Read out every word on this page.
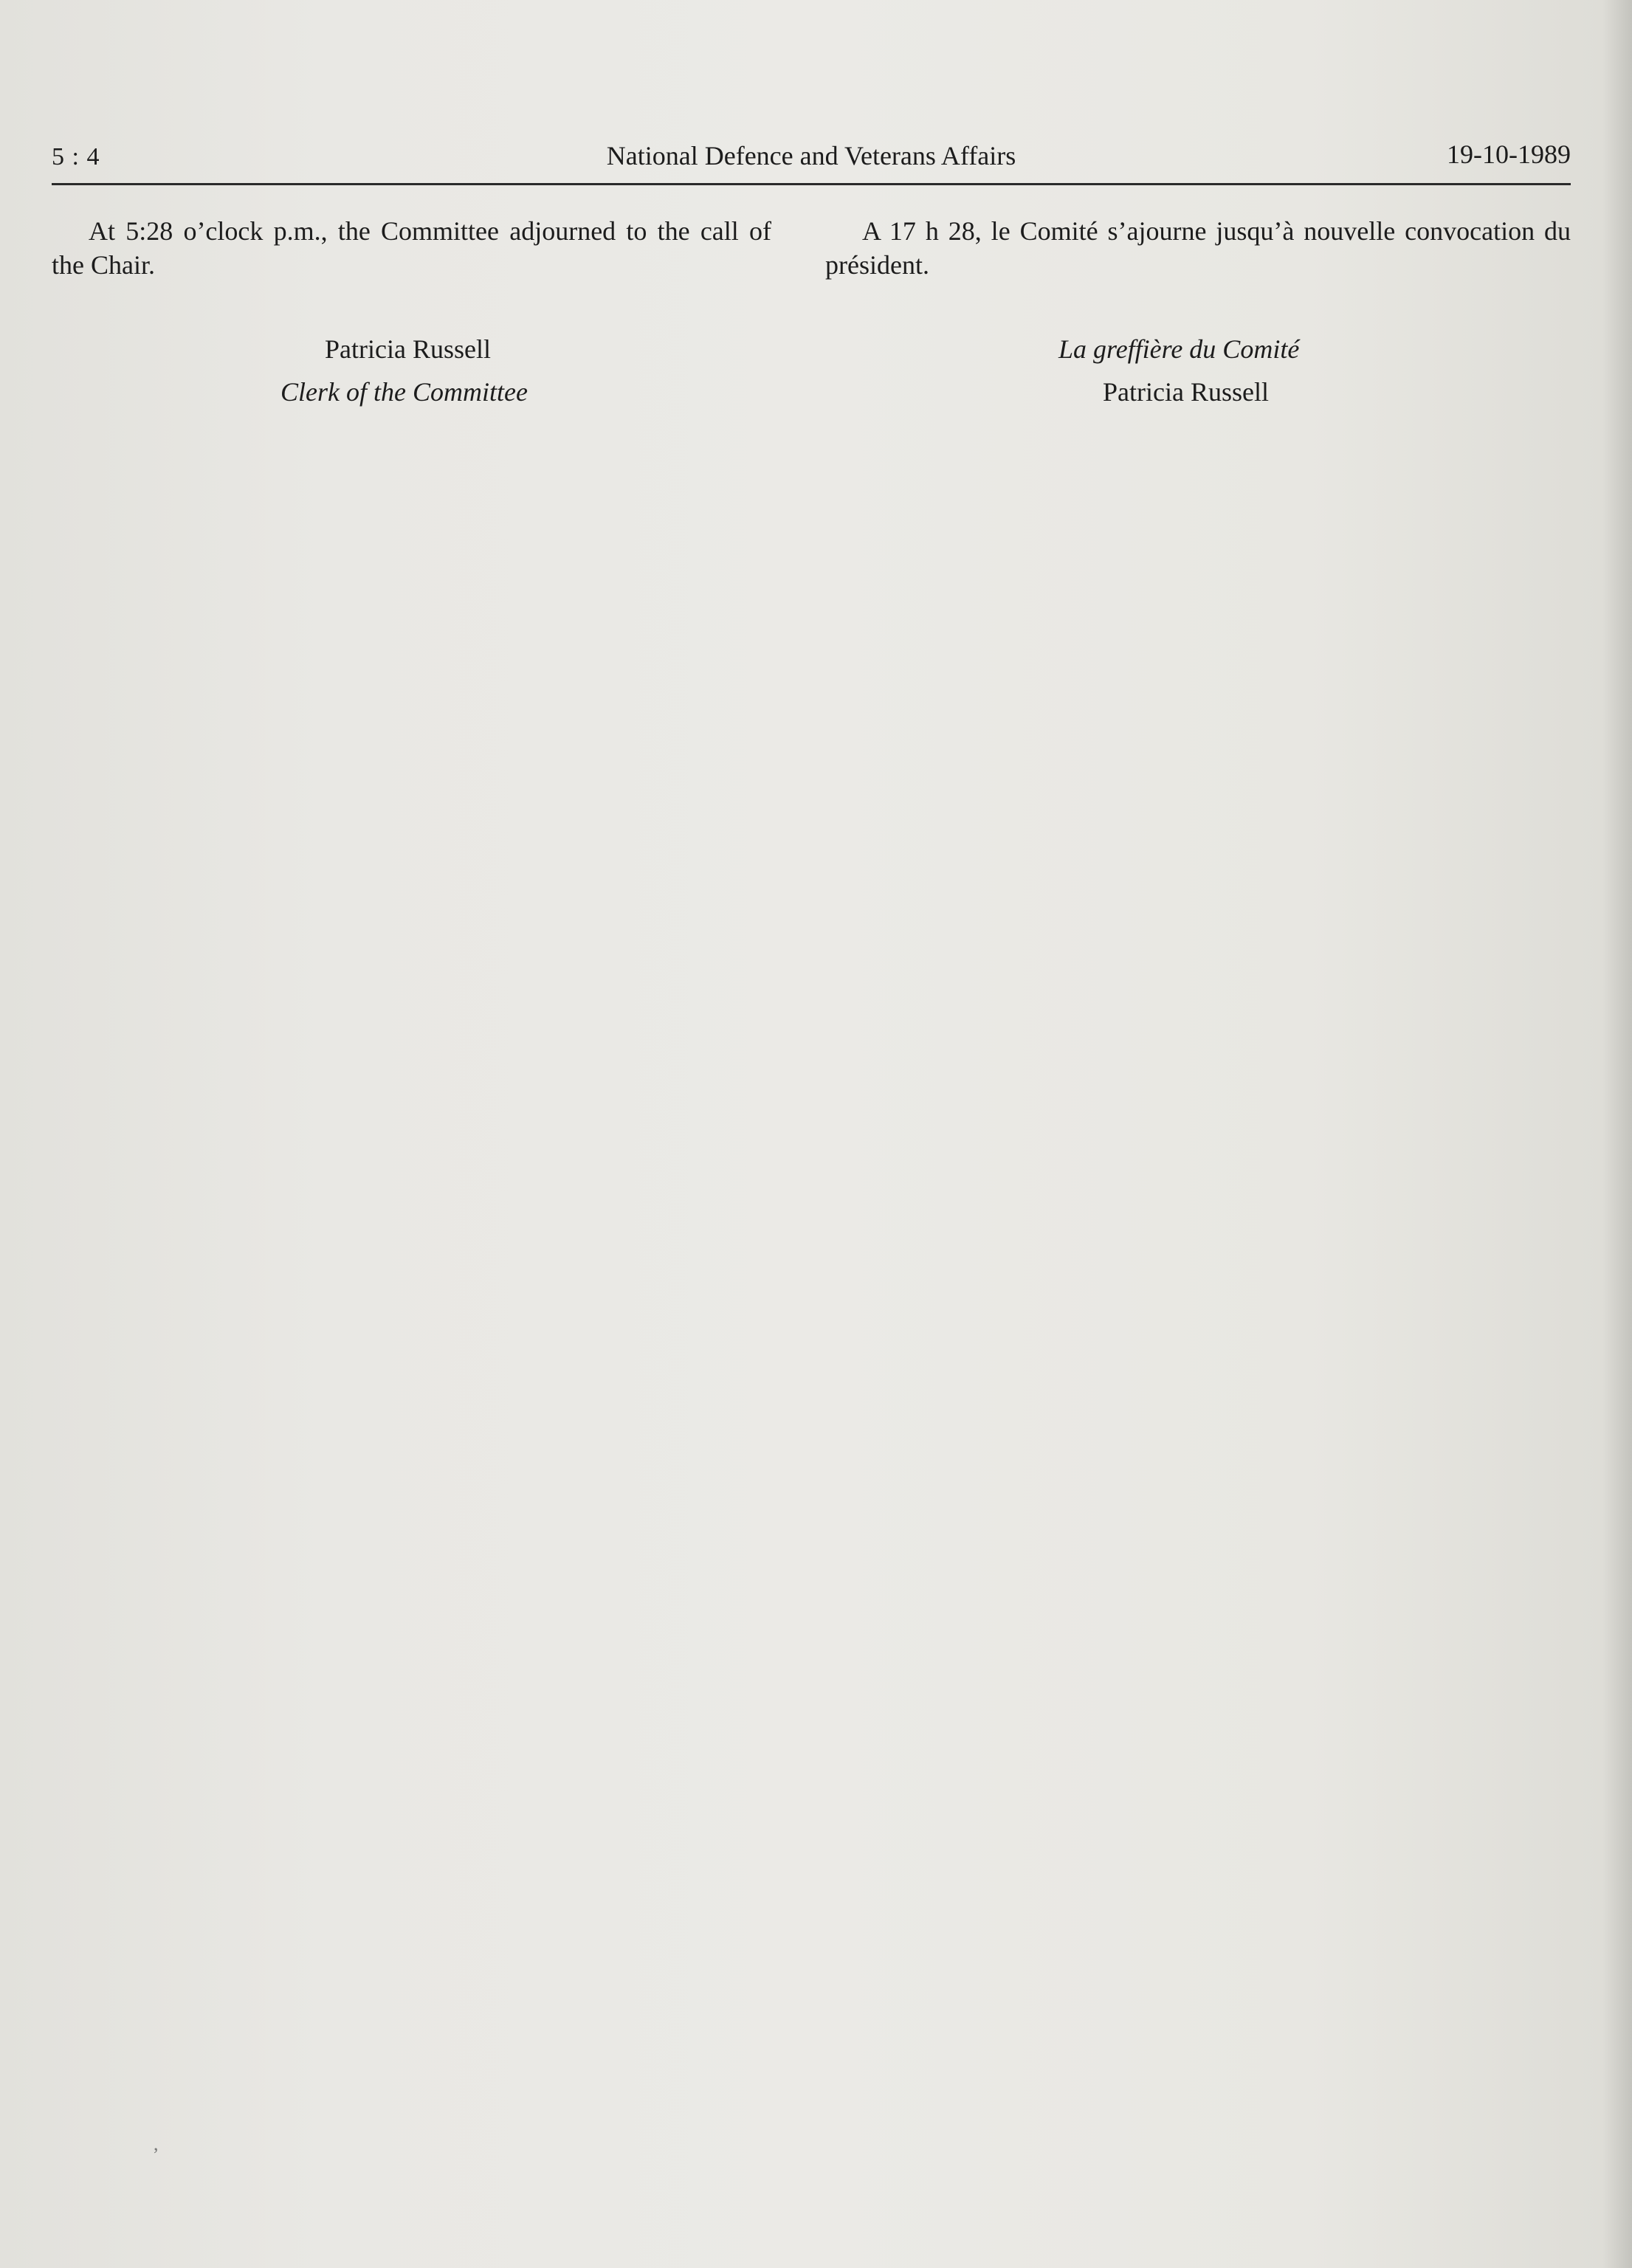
5 : 4	National Defence and Veterans Affairs	19-10-1989

At 5:28 o’clock p.m., the Committee adjourned to the call of the Chair.

Patricia Russell
Clerk of the Committee

A 17 h 28, le Comité s’ajourne jusqu’à nouvelle convocation du président.

La greffière du Comité
Patricia Russell
,
